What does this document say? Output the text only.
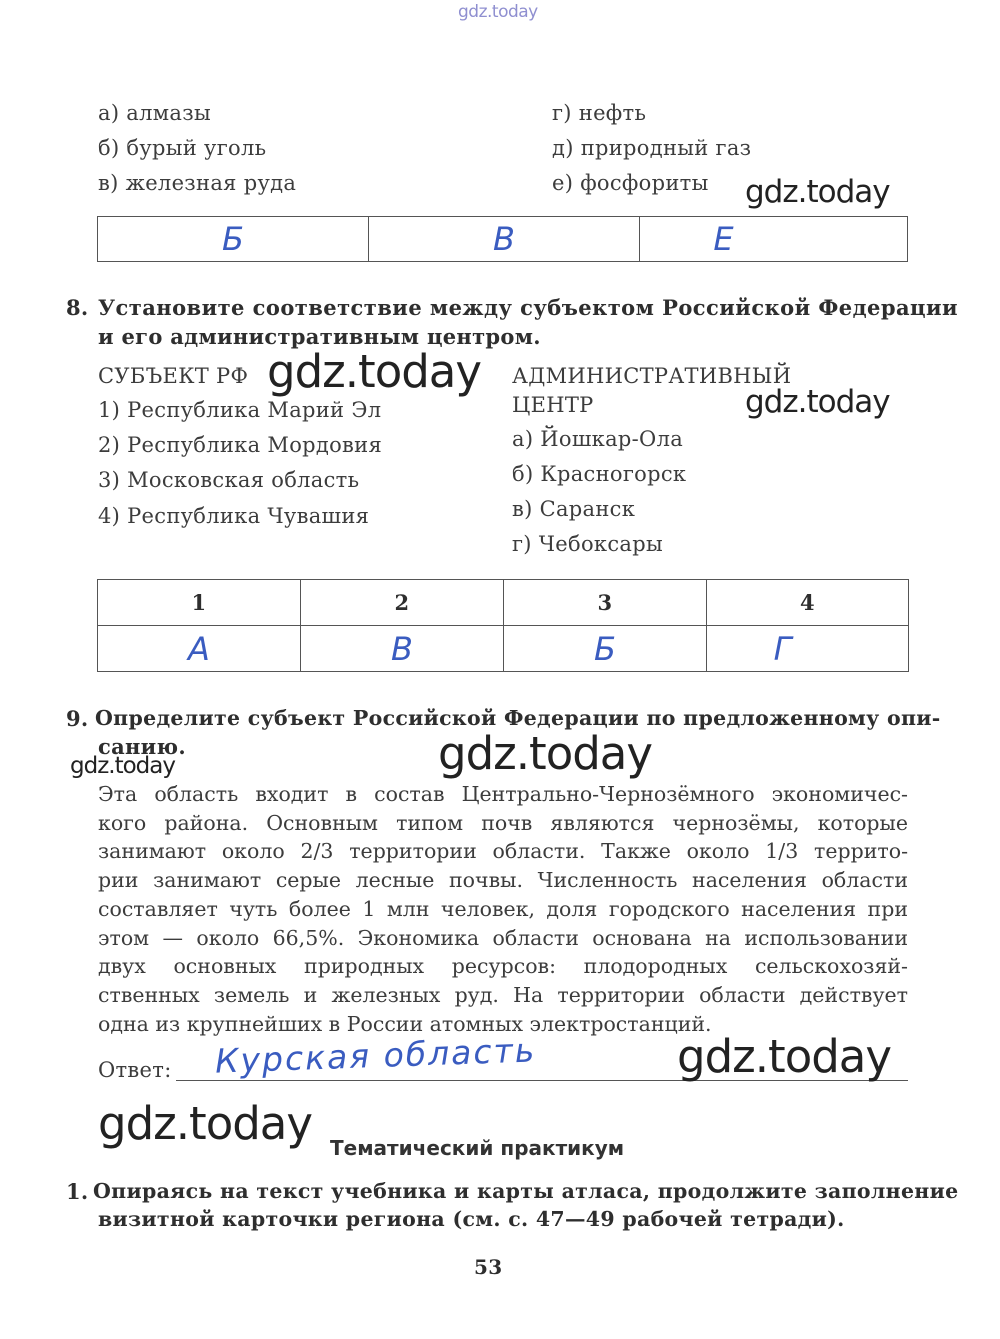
gdz.today
а) алмазы
б) бурый уголь
в) железная руда
г) нефть
д) природный газ
е) фосфориты gdz.today
Б	В	Е
8. Установите соответствие между субъектом Российской Федерации
и его административным центром.
СУБЪЕКТ РФ gdz.today АДМИНИСТРАТИВНЫЙ
ЦЕНТР	gdz.today
1) Республика Марий Эл
2) Республика Мордовия
3) Московская область
4) Республика Чувашия
а) Йошкар-Ола
б) Красногорск
в) Саранск
г) Чебоксары
1	2	3	4
А	В	Б	Г
9. Определите субъект Российской Федерации по предложенному опи-
санию.	gdz.today
gdz.today
Эта область входит в состав Центрально-Чернозёмного экономичес-
кого района. Основным типом почв являются чернозёмы, которые
занимают около 2/3 территории области. Также около 1/3 террито-
рии занимают серые лесные почвы. Численность населения области
составляет чуть более 1 млн человек, доля городского населения при
этом — около 66,5%. Экономика области основана на использовании
двух основных природных ресурсов: плодородных сельскохозяй-
ственных земель и железных руд. На территории области действует
одна из крупнейших в России атомных электростанций.
Ответ: Курская область	gdz.today
gdz.today Тематический практикум
1. Опираясь на текст учебника и карты атласа, продолжите заполнение
визитной карточки региона (см. с. 47—49 рабочей тетради).
53
